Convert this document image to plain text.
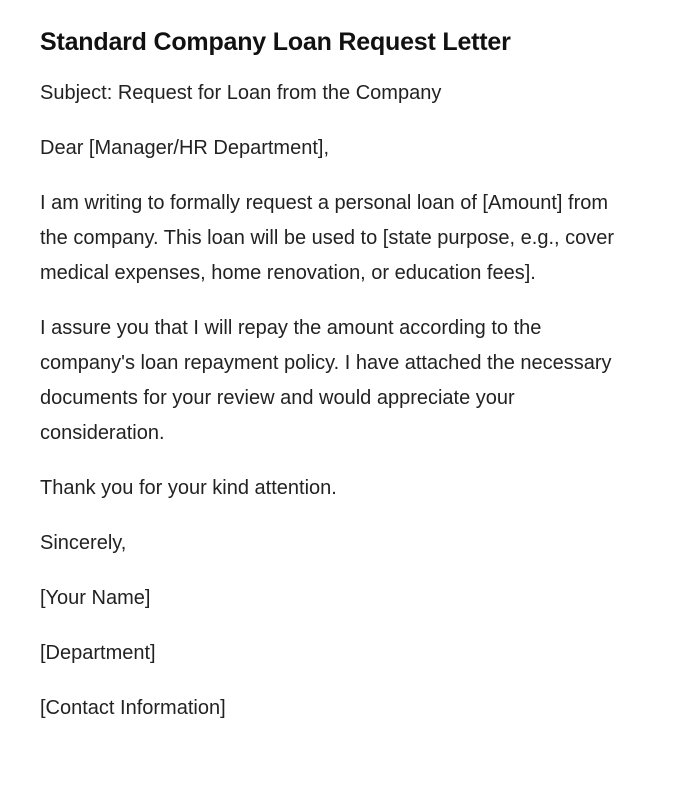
Standard Company Loan Request Letter

Subject: Request for Loan from the Company

Dear [Manager/HR Department],

I am writing to formally request a personal loan of [Amount] from the company. This loan will be used to [state purpose, e.g., cover medical expenses, home renovation, or education fees].

I assure you that I will repay the amount according to the company's loan repayment policy. I have attached the necessary documents for your review and would appreciate your consideration.

Thank you for your kind attention.

Sincerely,

[Your Name]

[Department]

[Contact Information]
